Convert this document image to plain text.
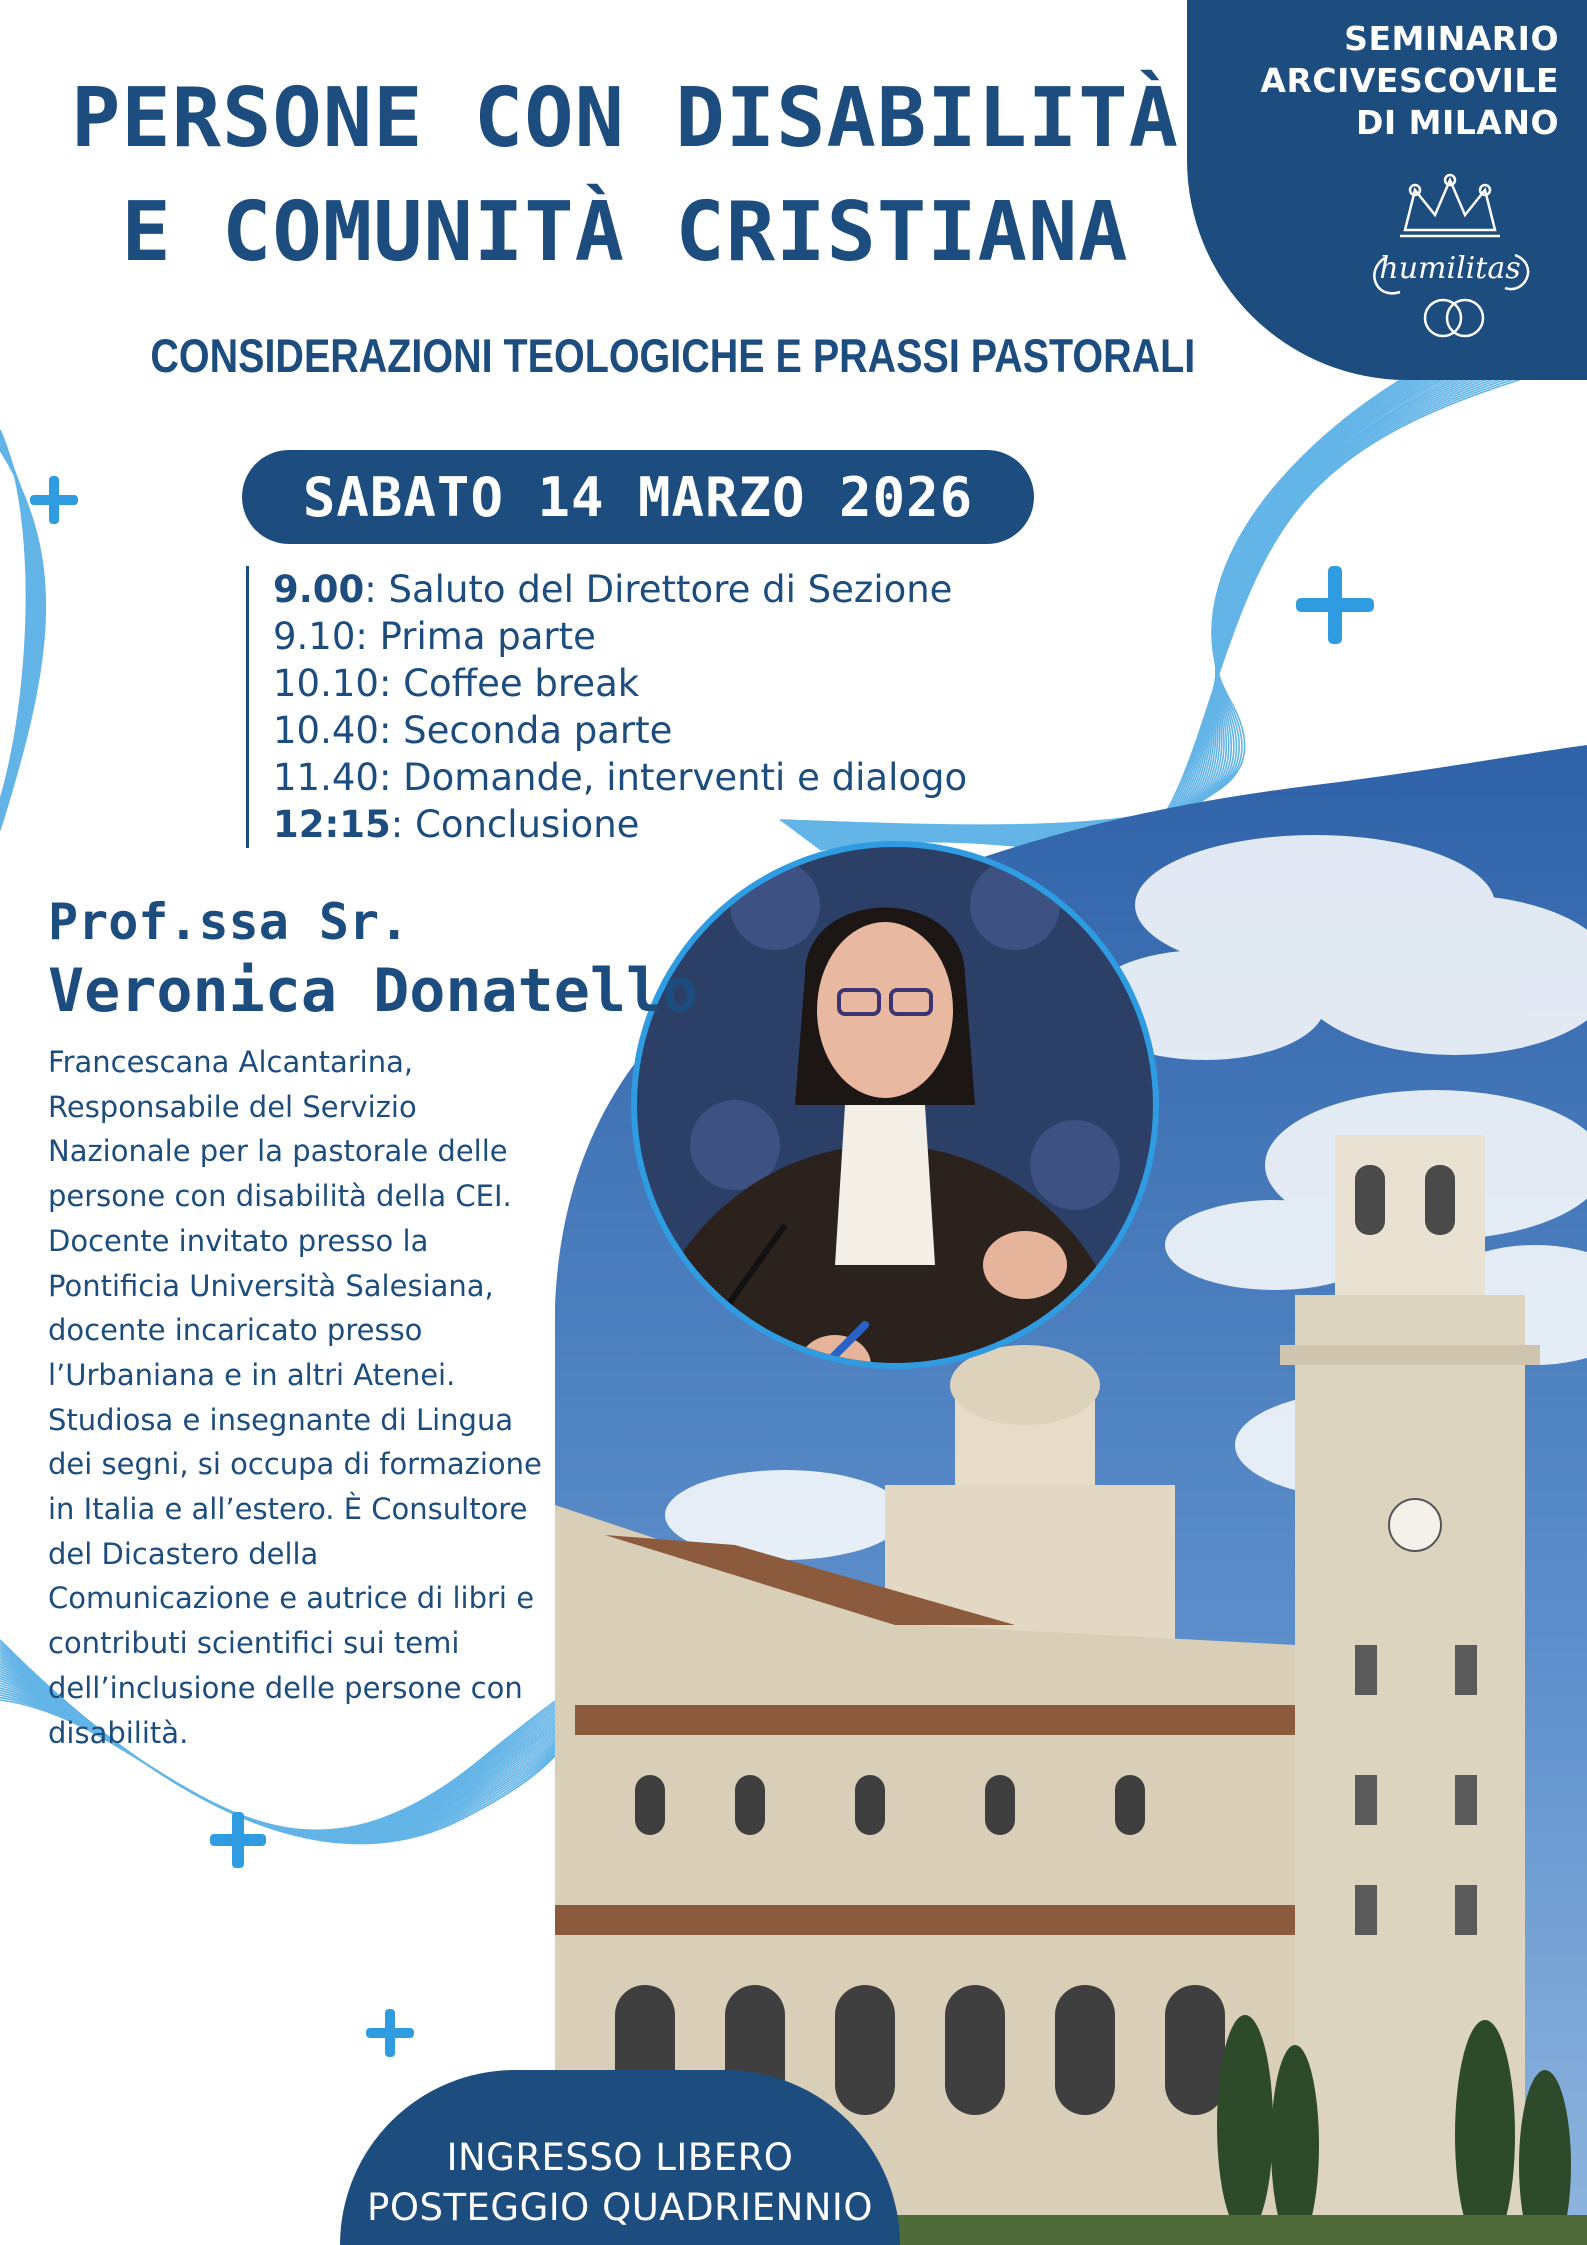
SEMINARIO
ARCIVESCOVILE
DI MILANO
humilitas
PERSONE CON DISABILITÀ
E COMUNITÀ CRISTIANA
CONSIDERAZIONI TEOLOGICHE E PRASSI PASTORALI
SABATO 14 MARZO 2026
9.00: Saluto del Direttore di Sezione
9.10: Prima parte
10.10: Coffee break
10.40: Seconda parte
11.40: Domande, interventi e dialogo
12:15: Conclusione
Prof.ssa Sr.
Veronica Donatello
Francescana Alcantarina,
Responsabile del Servizio
Nazionale per la pastorale delle
persone con disabilità della CEI.
Docente invitato presso la
Pontificia Università Salesiana,
docente incaricato presso
l’Urbaniana e in altri Atenei.
Studiosa e insegnante di Lingua
dei segni, si occupa di formazione
in Italia e all’estero. È Consultore
del Dicastero della
Comunicazione e autrice di libri e
contributi scientifici sui temi
dell’inclusione delle persone con
disabilità.
INGRESSO LIBERO
POSTEGGIO QUADRIENNIO
